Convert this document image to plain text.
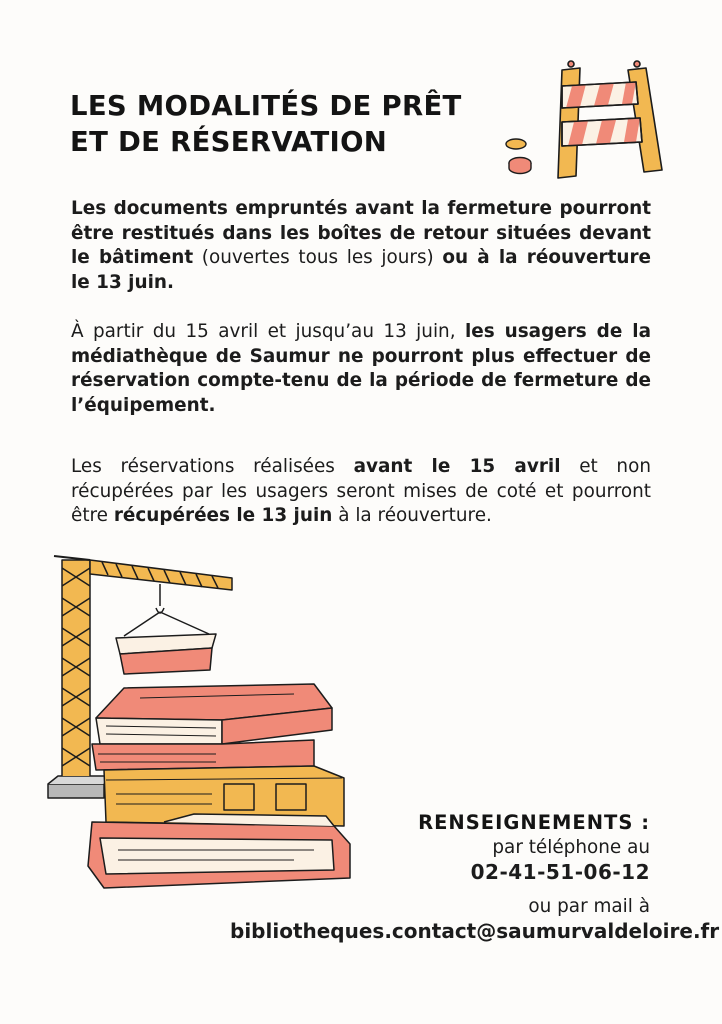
LES MODALITÉS DE PRÊT
ET DE RÉSERVATION

Les documents empruntés avant la fermeture pourront être restitués dans les boîtes de retour situées devant le bâtiment (ouvertes tous les jours) ou à la réouverture le 13 juin.

À partir du 15 avril et jusqu’au 13 juin, les usagers de la médiathèque de Saumur ne pourront plus effectuer de réservation compte-tenu de la période de fermeture de l’équipement.

Les réservations réalisées avant le 15 avril et non récupérées par les usagers seront mises de coté et pourront être récupérées le 13 juin à la réouverture.

RENSEIGNEMENTS :
par téléphone au
02-41-51-06-12
ou par mail à
bibliotheques.contact@saumurvaldeloire.fr
